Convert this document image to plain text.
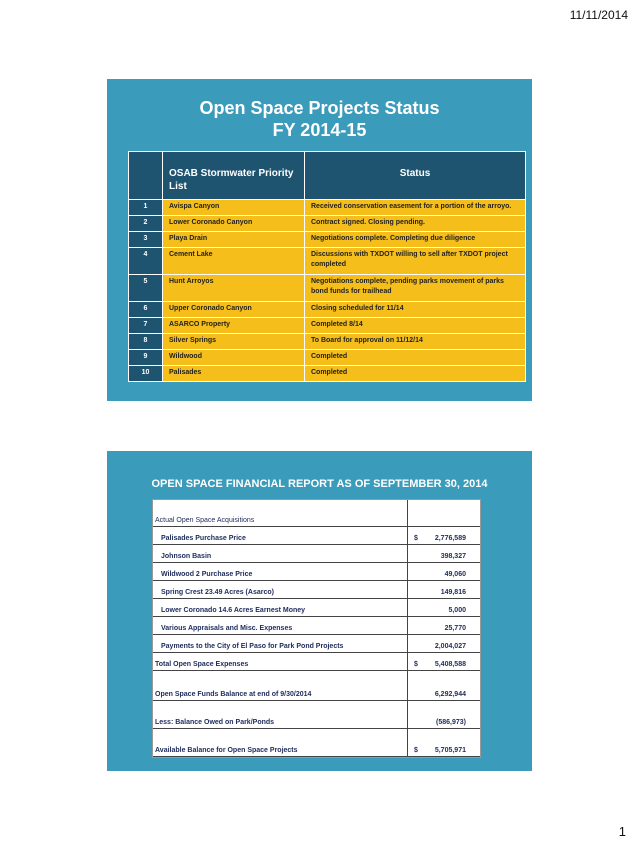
11/11/2014
Open Space Projects Status
FY 2014-15
	OSAB Stormwater Priority List	Status
1	Avispa Canyon	Received conservation easement for a portion of the arroyo.
2	Lower Coronado Canyon	Contract signed. Closing pending.
3	Playa Drain	Negotiations complete. Completing due diligence
4	Cement Lake	Discussions with TXDOT willing to sell after TXDOT project completed
5	Hunt Arroyos	Negotiations complete, pending parks movement of parks bond funds for trailhead
6	Upper Coronado Canyon	Closing scheduled for 11/14
7	ASARCO Property	Completed 8/14
8	Silver Springs	To Board for approval on 11/12/14
9	Wildwood	Completed
10	Palisades	Completed
OPEN SPACE FINANCIAL REPORT AS OF SEPTEMBER 30, 2014
Actual Open Space Acquisitions
Palisades Purchase Price	$ 2,776,589
Johnson Basin	398,327
Wildwood 2 Purchase Price	49,060
Spring Crest 23.49 Acres (Asarco)	149,816
Lower Coronado 14.6 Acres Earnest Money	5,000
Various Appraisals and Misc. Expenses	25,770
Payments to the City of El Paso for Park Pond Projects	2,004,027
Total Open Space Expenses	$ 5,408,588
Open Space Funds Balance at end of 9/30/2014	6,292,944
Less: Balance Owed on Park/Ponds	(586,973)
Available Balance for Open Space Projects	$ 5,705,971
1
